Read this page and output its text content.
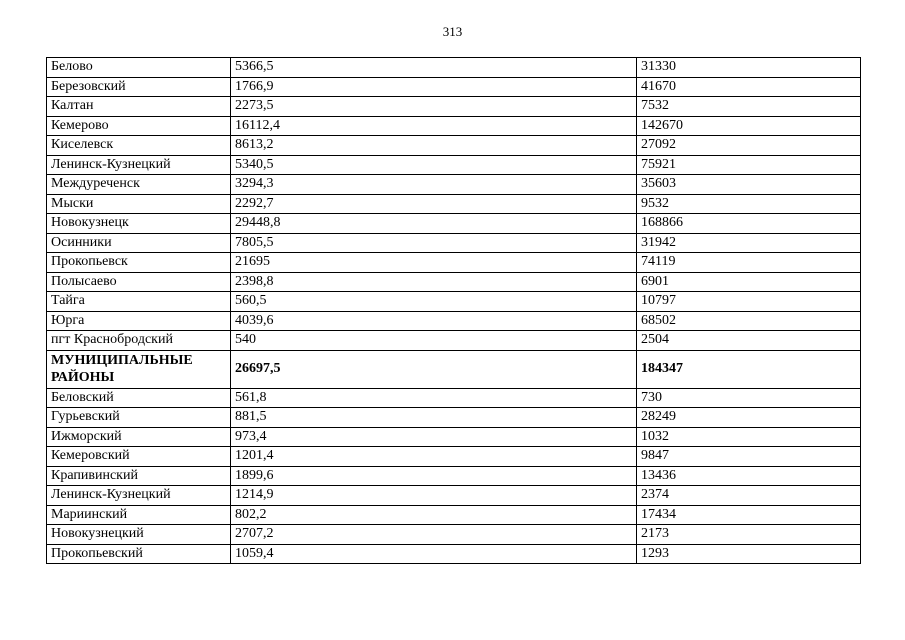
313
Белово	5366,5	31330
Березовский	1766,9	41670
Калтан	2273,5	7532
Кемерово	16112,4	142670
Киселевск	8613,2	27092
Ленинск-Кузнецкий	5340,5	75921
Междуреченск	3294,3	35603
Мыски	2292,7	9532
Новокузнецк	29448,8	168866
Осинники	7805,5	31942
Прокопьевск	21695	74119
Полысаево	2398,8	6901
Тайга	560,5	10797
Юрга	4039,6	68502
пгт Краснобродский	540	2504
МУНИЦИПАЛЬНЫЕ РАЙОНЫ	26697,5	184347
Беловский	561,8	730
Гурьевский	881,5	28249
Ижморский	973,4	1032
Кемеровский	1201,4	9847
Крапивинский	1899,6	13436
Ленинск-Кузнецкий	1214,9	2374
Мариинский	802,2	17434
Новокузнецкий	2707,2	2173
Прокопьевский	1059,4	1293
